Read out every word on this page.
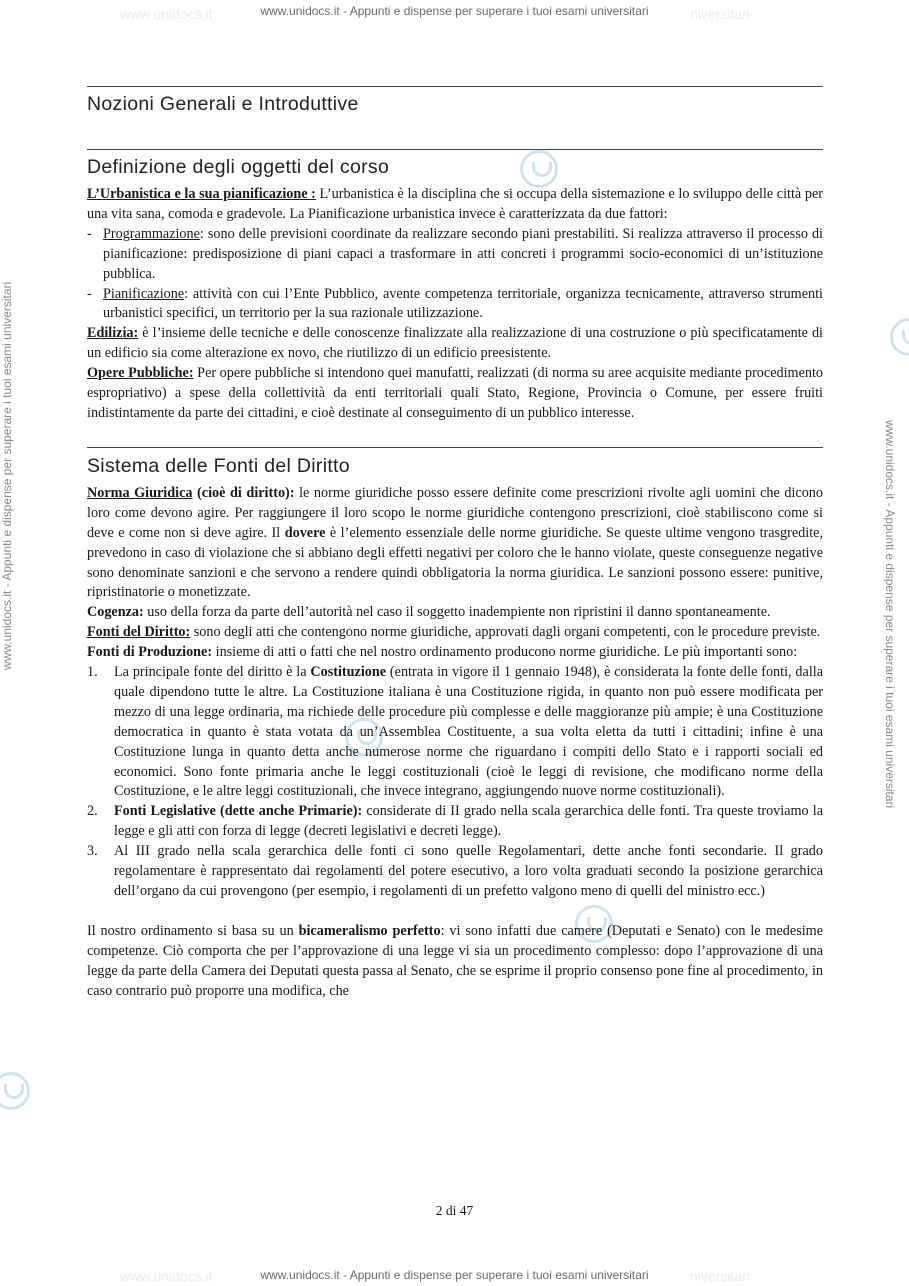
www.unidocs.it	niversitari
www.unidocs.it	niversitari
www.unidocs.it - Appunti e dispense per superare i tuoi esami universitari
www.unidocs.it - Appunti e dispense per superare i tuoi esami universitari	www.unidocs.it - Appunti e dispense per superare i tuoi esami universitari
Nozioni Generali e Introduttive
Definizione degli oggetti del corso

L’Urbanistica e la sua pianificazione : L’urbanistica è la disciplina che si occupa della sistemazione e lo sviluppo delle città per una vita sana, comoda e gradevole. La Pianificazione urbanistica invece è caratterizzata da due fattori:

- Programmazione: sono delle previsioni coordinate da realizzare secondo piani prestabiliti. Si realizza attraverso il processo di pianificazione: predisposizione di piani capaci a trasformare in atti concreti i programmi socio-economici di un’istituzione pubblica.
- Pianificazione: attività con cui l’Ente Pubblico, avente competenza territoriale, organizza tecnicamente, attraverso strumenti urbanistici specifici, un territorio per la sua razionale utilizzazione.

Edilizia: è l’insieme delle tecniche e delle conoscenze finalizzate alla realizzazione di una costruzione o più specificatamente di un edificio sia come alterazione ex novo, che riutilizzo di un edificio preesistente.

Opere Pubbliche: Per opere pubbliche si intendono quei manufatti, realizzati (di norma su aree acquisite mediante procedimento espropriativo) a spese della collettività da enti territoriali quali Stato, Regione, Provincia o Comune, per essere fruiti indistintamente da parte dei cittadini, e cioè destinate al conseguimento di un pubblico interesse.

Sistema delle Fonti del Diritto

Norma Giuridica (cioè di diritto): le norme giuridiche posso essere definite come prescrizioni rivolte agli uomini che dicono loro come devono agire. Per raggiungere il loro scopo le norme giuridiche contengono prescrizioni, cioè stabiliscono come si deve e come non si deve agire. Il dovere è l’elemento essenziale delle norme giuridiche. Se queste ultime vengono trasgredite, prevedono in caso di violazione che si abbiano degli effetti negativi per coloro che le hanno violate, queste conseguenze negative sono denominate sanzioni e che servono a rendere quindi obbligatoria la norma giuridica. Le sanzioni possono essere: punitive, ripristinatorie o monetizzate.

Cogenza: uso della forza da parte dell’autorità nel caso il soggetto inadempiente non ripristini il danno spontaneamente.

Fonti del Diritto: sono degli atti che contengono norme giuridiche, approvati dagli organi competenti, con le procedure previste.

Fonti di Produzione: insieme di atti o fatti che nel nostro ordinamento producono norme giuridiche. Le più importanti sono:

1. La principale fonte del diritto è la Costituzione (entrata in vigore il 1 gennaio 1948), è considerata la fonte delle fonti, dalla quale dipendono tutte le altre. La Costituzione italiana è una Costituzione rigida, in quanto non può essere modificata per mezzo di una legge ordinaria, ma richiede delle procedure più complesse e delle maggioranze più ampie; è una Costituzione democratica in quanto è stata votata da un’Assemblea Costituente, a sua volta eletta da tutti i cittadini; infine è una Costituzione lunga in quanto detta anche numerose norme che riguardano i compiti dello Stato e i rapporti sociali ed economici. Sono fonte primaria anche le leggi costituzionali (cioè le leggi di revisione, che modificano norme della Costituzione, e le altre leggi costituzionali, che invece integrano, aggiungendo nuove norme costituzionali).
2. Fonti Legislative (dette anche Primarie): considerate di II grado nella scala gerarchica delle fonti. Tra queste troviamo la legge e gli atti con forza di legge (decreti legislativi e decreti legge).
3. Al III grado nella scala gerarchica delle fonti ci sono quelle Regolamentari, dette anche fonti secondarie. Il grado regolamentare è rappresentato dai regolamenti del potere esecutivo, a loro volta graduati secondo la posizione gerarchica dell’organo da cui provengono (per esempio, i regolamenti di un prefetto valgono meno di quelli del ministro ecc.)

Il nostro ordinamento si basa su un bicameralismo perfetto: vi sono infatti due camere (Deputati e Senato) con le medesime competenze. Ciò comporta che per l’approvazione di una legge vi sia un procedimento complesso: dopo l’approvazione di una legge da parte della Camera dei Deputati questa passa al Senato, che se esprime il proprio consenso pone fine al procedimento, in caso contrario può proporre una modifica, che

2 di 47
www.unidocs.it - Appunti e dispense per superare i tuoi esami universitari
